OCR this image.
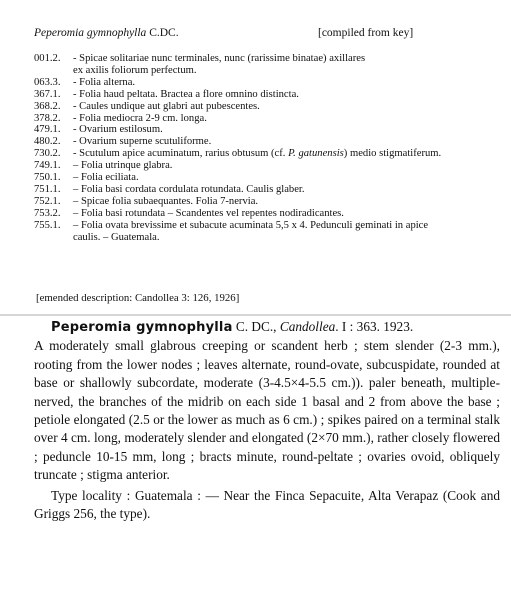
Peperomia gymnophylla C.DC.	[compiled from key]
001.2.	- Spicae solitariae nunc terminales, nunc (rarissime binatae) axillares
ex axilis foliorum perfectum.
063.3.	- Folia alterna.
367.1.	- Folia haud peltata. Bractea a flore omnino distincta.
368.2.	- Caules undique aut glabri aut pubescentes.
378.2.	- Folia mediocra 2-9 cm. longa.
479.1.	- Ovarium estilosum.
480.2.	- Ovarium superne scutuliforme.
730.2.	- Scutulum apice acuminatum, rarius obtusum (cf. P. gatunensis) medio stigmatiferum.
749.1.	– Folia utrinque glabra.
750.1.	– Folia eciliata.
751.1.	– Folia basi cordata cordulata rotundata. Caulis glaber.
752.1.	– Spicae folia subaequantes. Folia 7-nervia.
753.2.	– Folia basi rotundata – Scandentes vel repentes nodiradicantes.
755.1.	– Folia ovata brevissime et subacute acuminata 5,5 x 4. Pedunculi geminati in apice
caulis. – Guatemala.
[emended description: Candollea 3: 126, 1926]

Peperomia gymnophylla C. DC., Candollea. I : 363. 1923.
A moderately small glabrous creeping or scandent herb ; stem slender (2-3 mm.), rooting from the lower nodes ; leaves alternate, round-ovate, subcuspidate, rounded at base or shallowly subcordate, moderate (3-4.5×4-5.5 cm.)). paler beneath, multiple-nerved, the branches of the midrib on each side 1 basal and 2 from above the base ; petiole elongated (2.5 or the lower as much as 6 cm.) ; spikes paired on a terminal stalk over 4 cm. long, moderately slender and elongated (2×70 mm.), rather closely flowered ; peduncle 10-15 mm, long ; bracts minute, round-peltate ; ovaries ovoid, obliquely truncate ; stigma anterior.

Type locality : Guatemala : — Near the Finca Sepacuite, Alta Verapaz (Cook and Griggs 256, the type).
